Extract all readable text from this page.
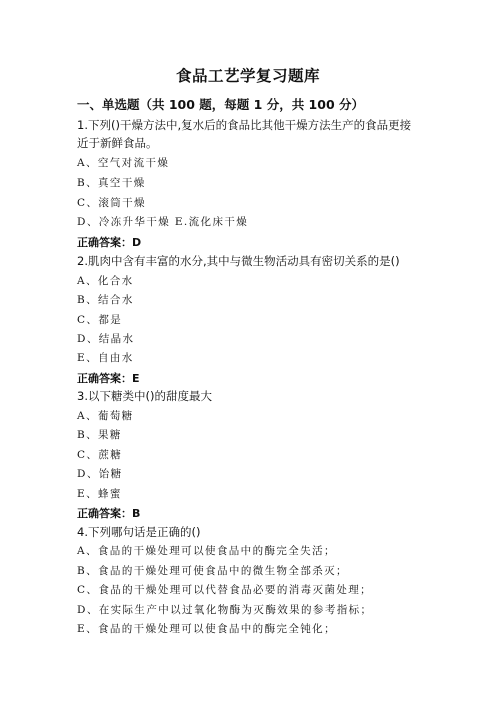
食品工艺学复习题库
一、单选题（共 100 题，每题 1 分，共 100 分）
1.下列()干燥方法中,复水后的食品比其他干燥方法生产的食品更接
近于新鲜食品。
A、空气对流干燥
B、真空干燥
C、滚筒干燥
D、冷冻升华干燥 E.流化床干燥
正确答案：D
2.肌肉中含有丰富的水分,其中与微生物活动具有密切关系的是()
A、化合水
B、结合水
C、都是
D、结晶水
E、自由水
正确答案：E
3.以下糖类中()的甜度最大
A、葡萄糖
B、果糖
C、蔗糖
D、饴糖
E、蜂蜜
正确答案：B
4.下列哪句话是正确的()
A、食品的干燥处理可以使食品中的酶完全失活；
B、食品的干燥处理可使食品中的微生物全部杀灭；
C、食品的干燥处理可以代替食品必要的消毒灭菌处理；
D、在实际生产中以过氧化物酶为灭酶效果的参考指标；
E、食品的干燥处理可以使食品中的酶完全钝化；
